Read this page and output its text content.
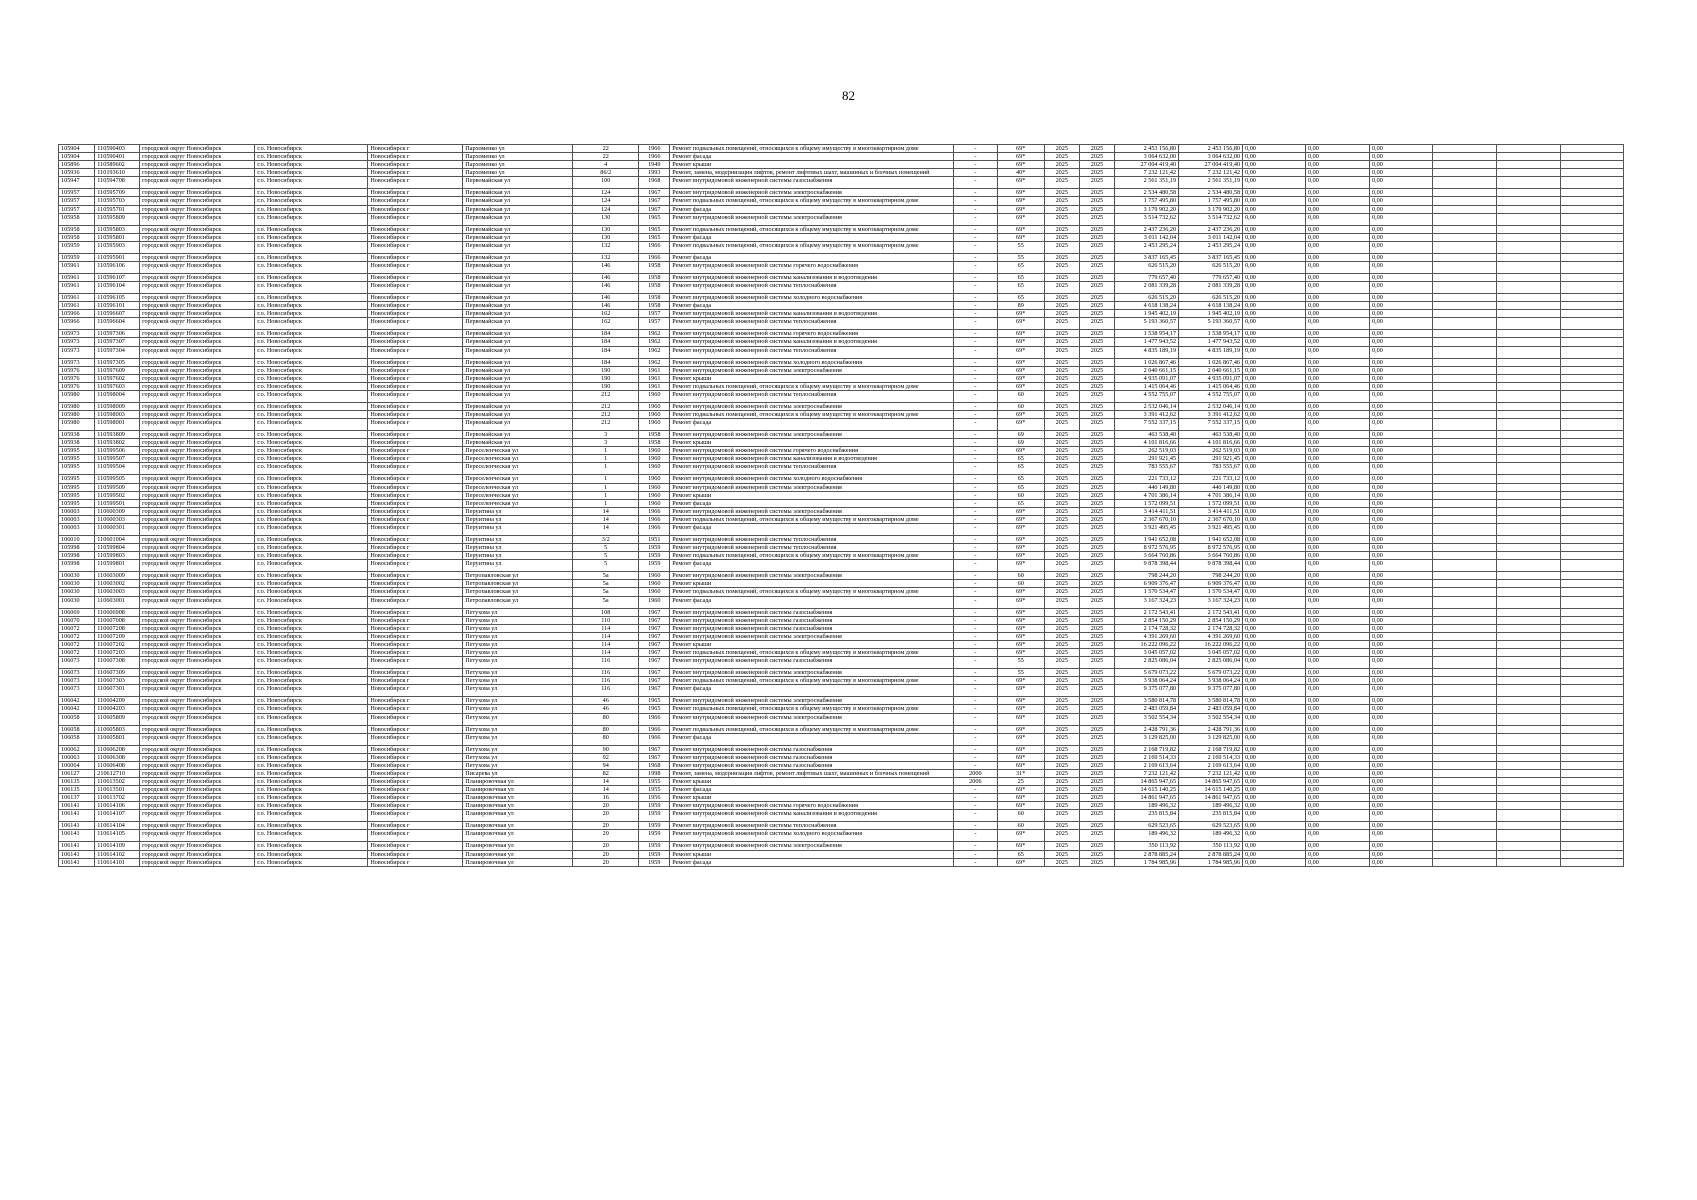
82
105904	110590403	городской округ Новосибирск	г.о. Новосибирск	Новосибирск г	Пархоменко ул	22	1966	Ремонт подвальных помещений, относящихся к общему имуществу в многоквартирном доме	-	69*	2025	2025	2 453 156,80	2 453 156,80	0,00	0,00	0,00			
105904	110590401	городской округ Новосибирск	г.о. Новосибирск	Новосибирск г	Пархоменко ул	22	1966	Ремонт фасада	-	69*	2025	2025	3 064 632,00	3 064 632,00	0,00	0,00	0,00			
105896	110589602	городской округ Новосибирск	г.о. Новосибирск	Новосибирск г	Пархоменко ул	4	1949	Ремонт крыши	-	69*	2025	2025	27 004 419,40	27 004 419,40	0,00	0,00	0,00			
105936	110193610	городской округ Новосибирск	г.о. Новосибирск	Новосибирск г	Пархоменко ул	86/2	1993	Ремонт, замена, модернизация лифтов, ремонт лифтовых шахт, машинных и блочных помещений	-	40*	2025	2025	7 232 121,42	7 232 121,42	0,00	0,00	0,00			
105947	110594708	городской округ Новосибирск	г.о. Новосибирск	Новосибирск г	Первомайская ул	100	1968	Ремонт внутридомовой инженерной системы газоснабжения	-	69*	2025	2025	2 561 351,19	2 561 351,19	0,00	0,00	0,00			
105957	110595709	городской округ Новосибирск	г.о. Новосибирск	Новосибирск г	Первомайская ул	124	1967	Ремонт внутридомовой инженерной системы электроснабжения	-	69*	2025	2025	2 534 480,58	2 534 480,58	0,00	0,00	0,00			
105957	110595703	городской округ Новосибирск	г.о. Новосибирск	Новосибирск г	Первомайская ул	124	1967	Ремонт подвальных помещений, относящихся к общему имуществу в многоквартирном доме	-	69*	2025	2025	1 757 495,80	1 757 495,80	0,00	0,00	0,00			
105957	110595701	городской округ Новосибирск	г.о. Новосибирск	Новосибирск г	Первомайская ул	124	1967	Ремонт фасада	-	69*	2025	2025	3 179 902,20	3 179 902,20	0,00	0,00	0,00			
105958	110595809	городской округ Новосибирск	г.о. Новосибирск	Новосибирск г	Первомайская ул	130	1965	Ремонт внутридомовой инженерной системы электроснабжения	-	69*	2025	2025	3 514 732,62	3 514 732,62	0,00	0,00	0,00			
105958	110595803	городской округ Новосибирск	г.о. Новосибирск	Новосибирск г	Первомайская ул	130	1965	Ремонт подвальных помещений, относящихся к общему имуществу в многоквартирном доме	-	69*	2025	2025	2 437 236,20	2 437 236,20	0,00	0,00	0,00			
105958	110595801	городской округ Новосибирск	г.о. Новосибирск	Новосибирск г	Первомайская ул	130	1965	Ремонт фасада	-	69*	2025	2025	3 011 142,04	3 011 142,04	0,00	0,00	0,00			
105959	110595903	городской округ Новосибирск	г.о. Новосибирск	Новосибирск г	Первомайская ул	132	1966	Ремонт подвальных помещений, относящихся к общему имуществу в многоквартирном доме	-	55	2025	2025	2 453 295,24	2 453 295,24	0,00	0,00	0,00			
105959	110595901	городской округ Новосибирск	г.о. Новосибирск	Новосибирск г	Первомайская ул	132	1966	Ремонт фасада	-	55	2025	2025	3 837 165,45	3 837 165,45	0,00	0,00	0,00			
105961	110596106	городской округ Новосибирск	г.о. Новосибирск	Новосибирск г	Первомайская ул	146	1958	Ремонт внутридомовой инженерной системы горячего водоснабжения	-	65	2025	2025	626 515,20	626 515,20	0,00	0,00	0,00			
105961	110596107	городской округ Новосибирск	г.о. Новосибирск	Новосибирск г	Первомайская ул	146	1958	Ремонт внутридомовой инженерной системы канализования и водоотведения	-	65	2025	2025	779 657,40	779 657,40	0,00	0,00	0,00			
105961	110596104	городской округ Новосибирск	г.о. Новосибирск	Новосибирск г	Первомайская ул	146	1958	Ремонт внутридомовой инженерной системы теплоснабжения	-	65	2025	2025	2 081 339,28	2 081 339,28	0,00	0,00	0,00			
105961	110596105	городской округ Новосибирск	г.о. Новосибирск	Новосибирск г	Первомайская ул	146	1958	Ремонт внутридомовой инженерной системы холодного водоснабжения	-	65	2025	2025	626 515,20	626 515,20	0,00	0,00	0,00			
105961	110596101	городской округ Новосибирск	г.о. Новосибирск	Новосибирск г	Первомайская ул	146	1958	Ремонт фасада	-	89	2025	2025	4 618 138,24	4 618 138,24	0,00	0,00	0,00			
105966	110596607	городской округ Новосибирск	г.о. Новосибирск	Новосибирск г	Первомайская ул	162	1957	Ремонт внутридомовой инженерной системы канализования и водоотведения	-	69*	2025	2025	1 945 402,19	1 945 402,19	0,00	0,00	0,00			
105966	110596604	городской округ Новосибирск	г.о. Новосибирск	Новосибирск г	Первомайская ул	162	1957	Ремонт внутридомовой инженерной системы теплоснабжения	-	69*	2025	2025	5 193 360,57	5 193 360,57	0,00	0,00	0,00			
105973	110597306	городской округ Новосибирск	г.о. Новосибирск	Новосибирск г	Первомайская ул	184	1962	Ремонт внутридомовой инженерной системы горячего водоснабжения	-	69*	2025	2025	1 538 954,17	1 538 954,17	0,00	0,00	0,00			
105973	110597307	городской округ Новосибирск	г.о. Новосибирск	Новосибирск г	Первомайская ул	184	1962	Ремонт внутридомовой инженерной системы канализования и водоотведения	-	69*	2025	2025	1 477 943,52	1 477 943,52	0,00	0,00	0,00			
105973	110597304	городской округ Новосибирск	г.о. Новосибирск	Новосибирск г	Первомайская ул	184	1962	Ремонт внутридомовой инженерной системы теплоснабжения	-	69*	2025	2025	4 835 189,19	4 835 189,19	0,00	0,00	0,00			
105973	110597305	городской округ Новосибирск	г.о. Новосибирск	Новосибирск г	Первомайская ул	184	1962	Ремонт внутридомовой инженерной системы холодного водоснабжения	-	69*	2025	2025	1 026 867,46	1 026 867,46	0,00	0,00	0,00			
105976	110597609	городской округ Новосибирск	г.о. Новосибирск	Новосибирск г	Первомайская ул	190	1961	Ремонт внутридомовой инженерной системы электроснабжения	-	69*	2025	2025	2 040 661,15	2 040 661,15	0,00	0,00	0,00			
105976	110597602	городской округ Новосибирск	г.о. Новосибирск	Новосибирск г	Первомайская ул	190	1961	Ремонт крыши	-	69*	2025	2025	4 935 091,07	4 935 091,07	0,00	0,00	0,00			
105976	110597603	городской округ Новосибирск	г.о. Новосибирск	Новосибирск г	Первомайская ул	190	1961	Ремонт подвальных помещений, относящихся к общему имуществу в многоквартирном доме	-	69*	2025	2025	1 415 064,46	1 415 064,46	0,00	0,00	0,00			
105980	110598004	городской округ Новосибирск	г.о. Новосибирск	Новосибирск г	Первомайская ул	212	1960	Ремонт внутридомовой инженерной системы теплоснабжения	-	60	2025	2025	4 552 755,07	4 552 755,07	0,00	0,00	0,00			
105980	110598009	городской округ Новосибирск	г.о. Новосибирск	Новосибирск г	Первомайская ул	212	1960	Ремонт внутридомовой инженерной системы электроснабжения	-	60	2025	2025	2 532 046,14	2 532 046,14	0,00	0,00	0,00			
105980	110598003	городской округ Новосибирск	г.о. Новосибирск	Новосибирск г	Первомайская ул	212	1960	Ремонт подвальных помещений, относящихся к общему имуществу в многоквартирном доме	-	69*	2025	2025	3 391 412,62	3 391 412,62	0,00	0,00	0,00			
105980	110598001	городской округ Новосибирск	г.о. Новосибирск	Новосибирск г	Первомайская ул	212	1960	Ремонт фасада	-	69*	2025	2025	7 552 337,15	7 552 337,15	0,00	0,00	0,00			
105938	110593809	городской округ Новосибирск	г.о. Новосибирск	Новосибирск г	Первомайская ул	3	1958	Ремонт внутридомовой инженерной системы электроснабжения	-	69	2025	2025	463 538,40	463 538,40	0,00	0,00	0,00			
105938	110593802	городской округ Новосибирск	г.о. Новосибирск	Новосибирск г	Первомайская ул	3	1958	Ремонт крыши	-	69	2025	2025	4 101 816,66	4 101 816,66	0,00	0,00	0,00			
105995	110599506	городской округ Новосибирск	г.о. Новосибирск	Новосибирск г	Переселенческая ул	1	1960	Ремонт внутридомовой инженерной системы горячего водоснабжения	-	69*	2025	2025	262 519,03	262 519,03	0,00	0,00	0,00			
105995	110599507	городской округ Новосибирск	г.о. Новосибирск	Новосибирск г	Переселенческая ул	1	1960	Ремонт внутридомовой инженерной системы канализования и водоотведения	-	65	2025	2025	291 921,45	291 921,45	0,00	0,00	0,00			
105995	110599504	городской округ Новосибирск	г.о. Новосибирск	Новосибирск г	Переселенческая ул	1	1960	Ремонт внутридомовой инженерной системы теплоснабжения	-	65	2025	2025	783 555,67	783 555,67	0,00	0,00	0,00			
105995	110599505	городской округ Новосибирск	г.о. Новосибирск	Новосибирск г	Переселенческая ул	1	1960	Ремонт внутридомовой инженерной системы холодного водоснабжения	-	65	2025	2025	221 733,12	221 733,12	0,00	0,00	0,00			
105995	110599509	городской округ Новосибирск	г.о. Новосибирск	Новосибирск г	Переселенческая ул	1	1960	Ремонт внутридомовой инженерной системы электроснабжения	-	65	2025	2025	440 149,80	440 149,80	0,00	0,00	0,00			
105995	110599502	городской округ Новосибирск	г.о. Новосибирск	Новосибирск г	Переселенческая ул	1	1960	Ремонт крыши	-	60	2025	2025	4 701 386,14	4 701 386,14	0,00	0,00	0,00			
105995	110599501	городской округ Новосибирск	г.о. Новосибирск	Новосибирск г	Переселенческая ул	1	1960	Ремонт фасада	-	65	2025	2025	1 572 099,51	1 572 099,51	0,00	0,00	0,00			
106003	110600309	городской округ Новосибирск	г.о. Новосибирск	Новосибирск г	Перуитина ул	14	1966	Ремонт внутридомовой инженерной системы электроснабжения	-	69*	2025	2025	3 414 411,51	3 414 411,51	0,00	0,00	0,00			
106003	110600303	городской округ Новосибирск	г.о. Новосибирск	Новосибирск г	Перуитина ул	14	1966	Ремонт подвальных помещений, относящихся к общему имуществу в многоквартирном доме	-	69*	2025	2025	2 367 670,10	2 367 670,10	0,00	0,00	0,00			
106003	110600301	городской округ Новосибирск	г.о. Новосибирск	Новосибирск г	Перуитина ул	14	1966	Ремонт фасада	-	69*	2025	2025	3 921 495,45	3 921 495,45	0,00	0,00	0,00			
106010	110601004	городской округ Новосибирск	г.о. Новосибирск	Новосибирск г	Перуитина ул	3/2	1951	Ремонт внутридомовой инженерной системы теплоснабжения	-	69*	2025	2025	1 941 652,08	1 941 652,08	0,00	0,00	0,00			
105998	110599804	городской округ Новосибирск	г.о. Новосибирск	Новосибирск г	Перуитина ул	5	1959	Ремонт внутридомовой инженерной системы теплоснабжения	-	69*	2025	2025	8 972 576,95	8 972 576,95	0,00	0,00	0,00			
105998	110599803	городской округ Новосибирск	г.о. Новосибирск	Новосибирск г	Перуитина ул	5	1959	Ремонт подвальных помещений, относящихся к общему имуществу в многоквартирном доме	-	69*	2025	2025	3 664 760,86	3 664 760,86	0,00	0,00	0,00			
105998	110599801	городской округ Новосибирск	г.о. Новосибирск	Новосибирск г	Перуитина ул	5	1959	Ремонт фасада	-	69*	2025	2025	9 878 398,44	9 878 398,44	0,00	0,00	0,00			
106030	110603009	городской округ Новосибирск	г.о. Новосибирск	Новосибирск г	Петропавловская ул	5а	1960	Ремонт внутридомовой инженерной системы электроснабжения	-	60	2025	2025	798 244,20	798 244,20	0,00	0,00	0,00			
106030	110603002	городской округ Новосибирск	г.о. Новосибирск	Новосибирск г	Петропавловская ул	5а	1960	Ремонт крыши	-	60	2025	2025	6 909 376,47	6 909 376,47	0,00	0,00	0,00			
106030	110603003	городской округ Новосибирск	г.о. Новосибирск	Новосибирск г	Петропавловская ул	5а	1960	Ремонт подвальных помещений, относящихся к общему имуществу в многоквартирном доме	-	69*	2025	2025	1 570 534,47	1 570 534,47	0,00	0,00	0,00			
106030	110603001	городской округ Новосибирск	г.о. Новосибирск	Новосибирск г	Петропавловская ул	5а	1960	Ремонт фасада	-	69*	2025	2025	3 167 324,23	3 167 324,23	0,00	0,00	0,00			
106069	110606908	городской округ Новосибирск	г.о. Новосибирск	Новосибирск г	Петухова ул	108	1967	Ремонт внутридомовой инженерной системы газоснабжения	-	69*	2025	2025	2 172 543,41	2 172 543,41	0,00	0,00	0,00			
106070	110607008	городской округ Новосибирск	г.о. Новосибирск	Новосибирск г	Петухова ул	110	1967	Ремонт внутридомовой инженерной системы газоснабжения	-	69*	2025	2025	2 854 150,29	2 854 150,29	0,00	0,00	0,00			
106072	110607208	городской округ Новосибирск	г.о. Новосибирск	Новосибирск г	Петухова ул	114	1967	Ремонт внутридомовой инженерной системы газоснабжения	-	69*	2025	2025	2 174 728,32	2 174 728,32	0,00	0,00	0,00			
106072	110607209	городской округ Новосибирск	г.о. Новосибирск	Новосибирск г	Петухова ул	114	1967	Ремонт внутридомовой инженерной системы электроснабжения	-	69*	2025	2025	4 391 269,60	4 391 269,60	0,00	0,00	0,00			
106072	110607202	городской округ Новосибирск	г.о. Новосибирск	Новосибирск г	Петухова ул	114	1967	Ремонт крыши	-	69*	2025	2025	16 222 096,22	16 222 096,22	0,00	0,00	0,00			
106072	110607203	городской округ Новосибирск	г.о. Новосибирск	Новосибирск г	Петухова ул	114	1967	Ремонт подвальных помещений, относящихся к общему имуществу в многоквартирном доме	-	69*	2025	2025	3 045 057,02	3 045 057,02	0,00	0,00	0,00			
106073	110607308	городской округ Новосибирск	г.о. Новосибирск	Новосибирск г	Петухова ул	116	1967	Ремонт внутридомовой инженерной системы газоснабжения	-	55	2025	2025	2 825 086,04	2 825 086,04	0,00	0,00	0,00			
106073	110607309	городской округ Новосибирск	г.о. Новосибирск	Новосибирск г	Петухова ул	116	1967	Ремонт внутридомовой инженерной системы электроснабжения	-	55	2025	2025	5 679 073,22	5 679 073,22	0,00	0,00	0,00			
106073	110607303	городской округ Новосибирск	г.о. Новосибирск	Новосибирск г	Петухова ул	116	1967	Ремонт подвальных помещений, относящихся к общему имуществу в многоквартирном доме	-	69*	2025	2025	3 938 064,24	3 938 064,24	0,00	0,00	0,00			
106073	110607301	городской округ Новосибирск	г.о. Новосибирск	Новосибирск г	Петухова ул	116	1967	Ремонт фасада	-	69*	2025	2025	9 375 077,80	9 375 077,80	0,00	0,00	0,00			
106042	110604209	городской округ Новосибирск	г.о. Новосибирск	Новосибирск г	Петухова ул	46	1965	Ремонт внутридомовой инженерной системы электроснабжения	-	69*	2025	2025	3 580 814,78	3 580 814,78	0,00	0,00	0,00			
106042	110604203	городской округ Новосибирск	г.о. Новосибирск	Новосибирск г	Петухова ул	46	1965	Ремонт подвальных помещений, относящихся к общему имуществу в многоквартирном доме	-	69*	2025	2025	2 483 059,84	2 483 059,84	0,00	0,00	0,00			
106058	110605809	городской округ Новосибирск	г.о. Новосибирск	Новосибирск г	Петухова ул	80	1966	Ремонт внутридомовой инженерной системы электроснабжения	-	69*	2025	2025	3 502 554,34	3 502 554,34	0,00	0,00	0,00			
106058	110605803	городской округ Новосибирск	г.о. Новосибирск	Новосибирск г	Петухова ул	80	1966	Ремонт подвальных помещений, относящихся к общему имуществу в многоквартирном доме	-	69*	2025	2025	2 428 791,36	2 428 791,36	0,00	0,00	0,00			
106058	110605801	городской округ Новосибирск	г.о. Новосибирск	Новосибирск г	Петухова ул	80	1966	Ремонт фасада	-	69*	2025	2025	3 129 825,00	3 129 825,00	0,00	0,00	0,00			
106062	110606208	городской округ Новосибирск	г.о. Новосибирск	Новосибирск г	Петухова ул	90	1967	Ремонт внутридомовой инженерной системы газоснабжения	-	69*	2025	2025	2 168 719,82	2 168 719,82	0,00	0,00	0,00			
106063	110606308	городской округ Новосибирск	г.о. Новосибирск	Новосибирск г	Петухова ул	92	1967	Ремонт внутридомовой инженерной системы газоснабжения	-	69*	2025	2025	2 169 514,33	2 169 514,33	0,00	0,00	0,00			
106064	110606408	городской округ Новосибирск	г.о. Новосибирск	Новосибирск г	Петухова ул	94	1968	Ремонт внутридомовой инженерной системы газоснабжения	-	69*	2025	2025	2 169 613,64	2 169 613,64	0,00	0,00	0,00			
106127	210612710	городской округ Новосибирск	г.о. Новосибирск	Новосибирск г	Писарева ул	82	1998	Ремонт, замена, модернизация лифтов, ремонт лифтовых шахт, машинных и блочных помещений	2000	31*	2025	2025	7 232 121,42	7 232 121,42	0,00	0,00	0,00			
106135	110613502	городской округ Новосибирск	г.о. Новосибирск	Новосибирск г	Планировочная ул	14	1955	Ремонт крыши	2006	25	2025	2025	14 865 947,65	14 865 947,65	0,00	0,00	0,00			
106135	110613501	городской округ Новосибирск	г.о. Новосибирск	Новосибирск г	Планировочная ул	14	1955	Ремонт фасада	-	69*	2025	2025	14 615 140,25	14 615 140,25	0,00	0,00	0,00			
106137	110613702	городской округ Новосибирск	г.о. Новосибирск	Новосибирск г	Планировочная ул	16	1956	Ремонт крыши	-	69*	2025	2025	14 861 947,65	14 861 947,65	0,00	0,00	0,00			
106141	110614106	городской округ Новосибирск	г.о. Новосибирск	Новосибирск г	Планировочная ул	20	1959	Ремонт внутридомовой инженерной системы горячего водоснабжения	-	69*	2025	2025	189 496,32	189 496,32	0,00	0,00	0,00			
106141	110614107	городской округ Новосибирск	г.о. Новосибирск	Новосибирск г	Планировочная ул	20	1959	Ремонт внутридомовой инженерной системы канализования и водоотведения	-	60	2025	2025	235 815,84	235 815,84	0,00	0,00	0,00			
106141	110614104	городской округ Новосибирск	г.о. Новосибирск	Новосибирск г	Планировочная ул	20	1959	Ремонт внутридомовой инженерной системы теплоснабжения	-	60	2025	2025	629 523,65	629 523,65	0,00	0,00	0,00			
106141	110614105	городской округ Новосибирск	г.о. Новосибирск	Новосибирск г	Планировочная ул	20	1959	Ремонт внутридомовой инженерной системы холодного водоснабжения	-	69*	2025	2025	189 496,32	189 496,32	0,00	0,00	0,00			
106141	110614109	городской округ Новосибирск	г.о. Новосибирск	Новосибирск г	Планировочная ул	20	1959	Ремонт внутридомовой инженерной системы электроснабжения	-	69*	2025	2025	350 113,92	350 113,92	0,00	0,00	0,00			
106141	110614102	городской округ Новосибирск	г.о. Новосибирск	Новосибирск г	Планировочная ул	20	1959	Ремонт крыши	-	65	2025	2025	2 878 885,24	2 878 885,24	0,00	0,00	0,00			
106141	110614101	городской округ Новосибирск	г.о. Новосибирск	Новосибирск г	Планировочная ул	20	1959	Ремонт фасада	-	69*	2025	2025	1 784 985,96	1 784 985,96	0,00	0,00	0,00			
